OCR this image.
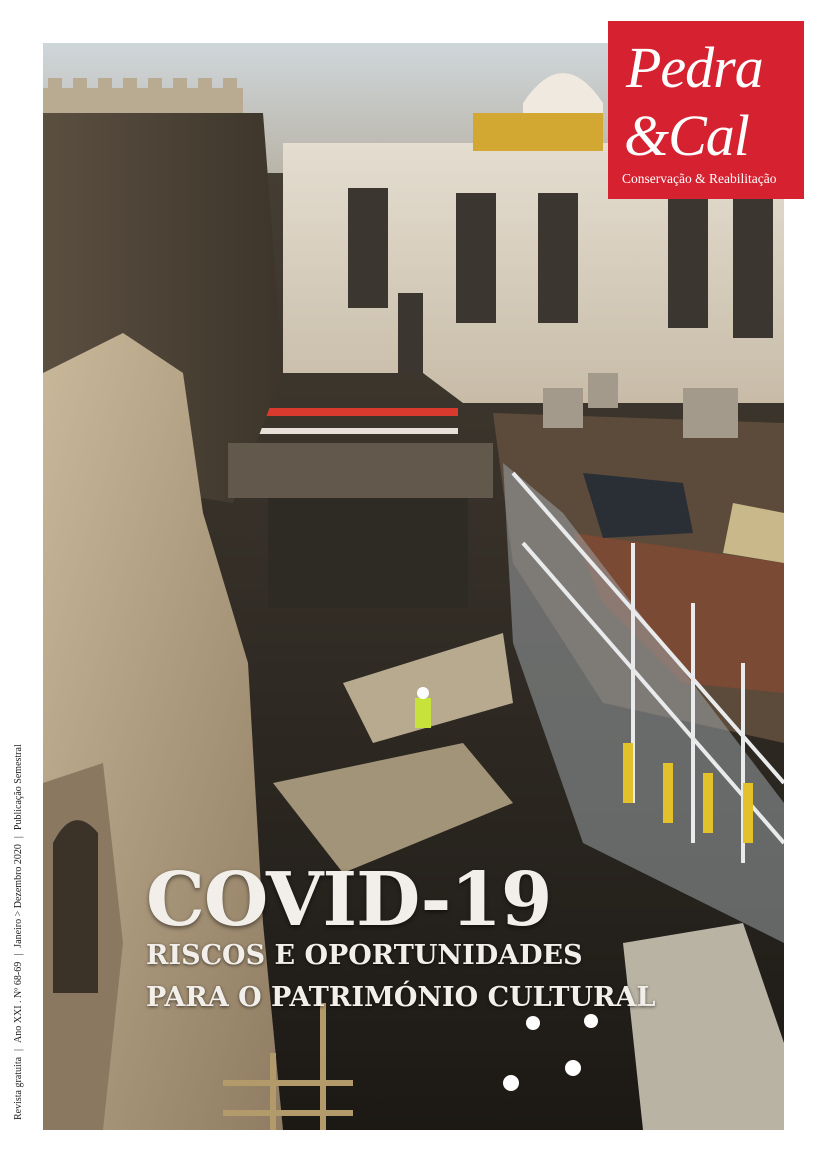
Pedra
&Cal
Conservação & Reabilitação
COVID-19
RISCOS E OPORTUNIDADES
PARA O PATRIMÓNIO CULTURAL
Revista gratuita|Ano XXI . Nº 68-69|Janeiro > Dezembro 2020|Publicação Semestral
